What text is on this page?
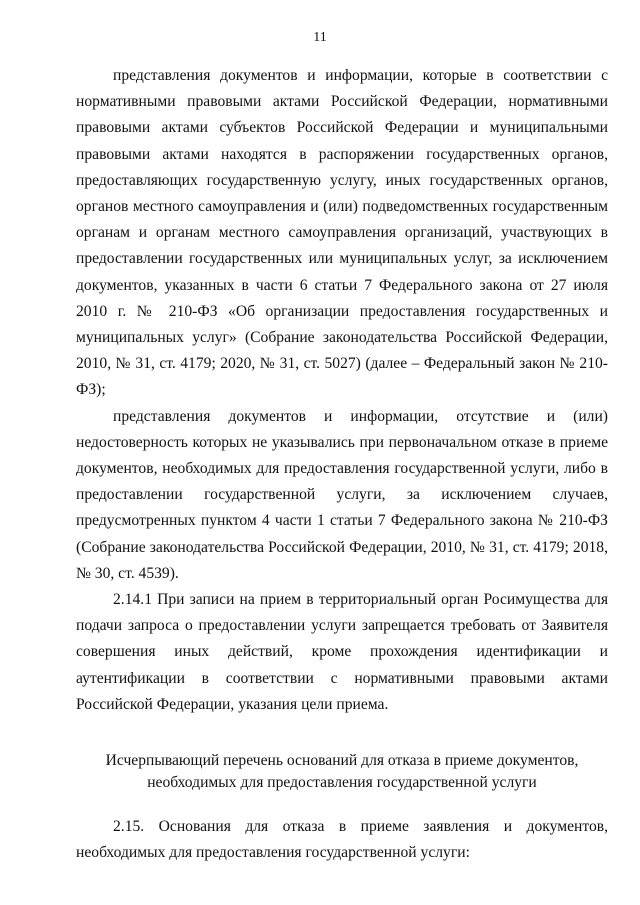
11

представления документов и информации, которые в соответствии с нормативными правовыми актами Российской Федерации, нормативными правовыми актами субъектов Российской Федерации и муниципальными правовыми актами находятся в распоряжении государственных органов, предоставляющих государственную услугу, иных государственных органов, органов местного самоуправления и (или) подведомственных государственным органам и органам местного самоуправления организаций, участвующих в предоставлении государственных или муниципальных услуг, за исключением документов, указанных в части 6 статьи 7 Федерального закона от 27 июля 2010 г. № 210-ФЗ «Об организации предоставления государственных и муниципальных услуг» (Собрание законодательства Российской Федерации, 2010, № 31, ст. 4179; 2020, № 31, ст. 5027) (далее – Федеральный закон № 210-ФЗ);

представления документов и информации, отсутствие и (или) недостоверность которых не указывались при первоначальном отказе в приеме документов, необходимых для предоставления государственной услуги, либо в предоставлении государственной услуги, за исключением случаев, предусмотренных пунктом 4 части 1 статьи 7 Федерального закона № 210-ФЗ (Собрание законодательства Российской Федерации, 2010, № 31, ст. 4179; 2018, № 30, ст. 4539).

2.14.1 При записи на прием в территориальный орган Росимущества для подачи запроса о предоставлении услуги запрещается требовать от Заявителя совершения иных действий, кроме прохождения идентификации и аутентификации в соответствии с нормативными правовыми актами Российской Федерации, указания цели приема.

Исчерпывающий перечень оснований для отказа в приеме документов,
необходимых для предоставления государственной услуги

2.15. Основания для отказа в приеме заявления и документов, необходимых для предоставления государственной услуги:
